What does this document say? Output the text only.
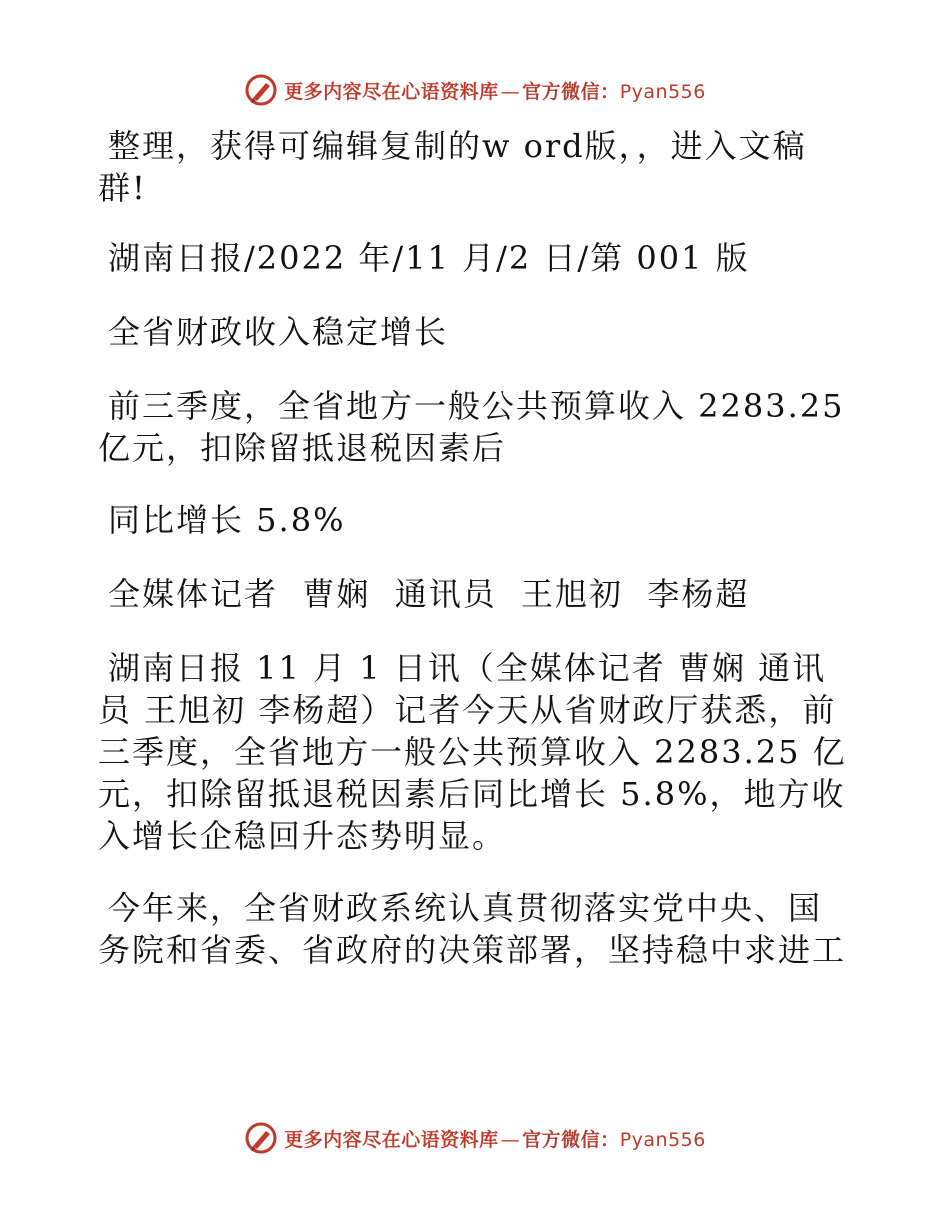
更多内容尽在心语资料库 — 官方微信：Pyan556
整理，获得可编辑复制的w ord版，，进入文稿
群!
湖南日报/2022 年/11 月/2 日/第 001 版
全省财政收入稳定增长
前三季度，全省地方一般公共预算收入 2283.25
亿元，扣除留抵退税因素后
同比增长 5.8%
全媒体记者  曹娴  通讯员  王旭初  李杨超
湖南日报 11 月 1 日讯（全媒体记者 曹娴 通讯
员 王旭初 李杨超）记者今天从省财政厅获悉，前
三季度，全省地方一般公共预算收入 2283.25 亿
元，扣除留抵退税因素后同比增长 5.8%，地方收
入增长企稳回升态势明显。
今年来，全省财政系统认真贯彻落实党中央、国
务院和省委、省政府的决策部署，坚持稳中求进工
更多内容尽在心语资料库 — 官方微信：Pyan556
